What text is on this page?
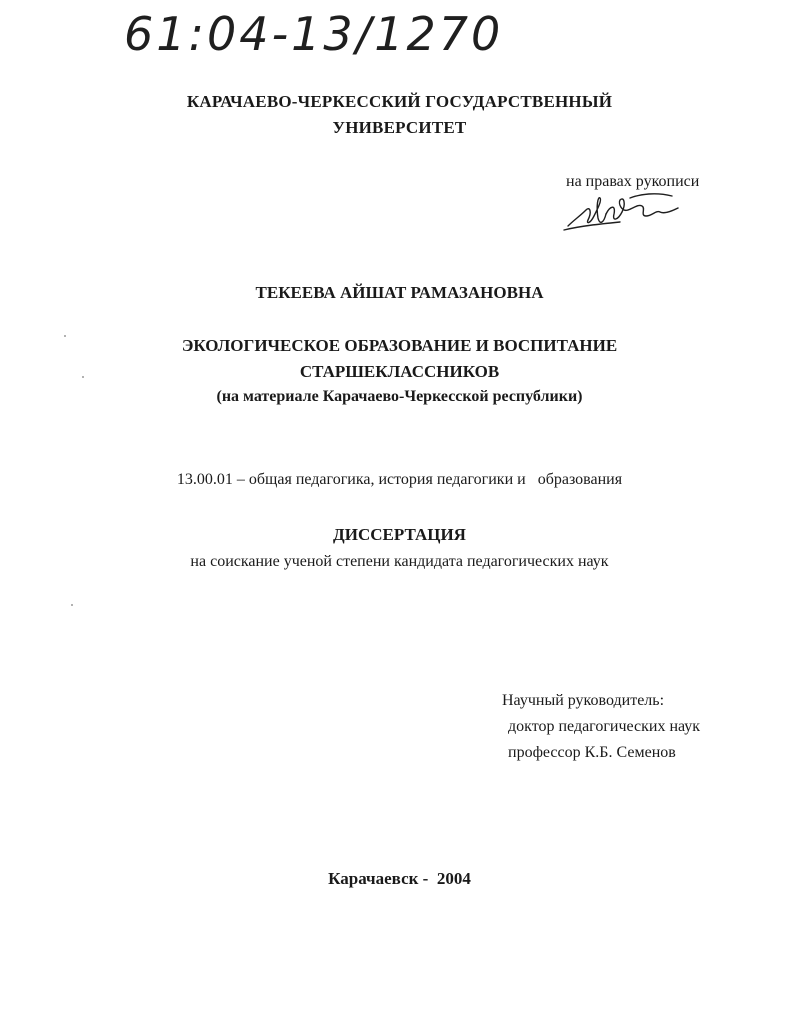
61:04-13/1270
КАРАЧАЕВО-ЧЕРКЕССКИЙ ГОСУДАРСТВЕННЫЙ
УНИВЕРСИТЕТ
на правах рукописи
ТЕКЕЕВА АЙШАТ РАМАЗАНОВНА
ЭКОЛОГИЧЕСКОЕ ОБРАЗОВАНИЕ И ВОСПИТАНИЕ
СТАРШЕКЛАССНИКОВ
(на материале Карачаево-Черкесской республики)
13.00.01 – общая педагогика, история педагогики и   образования
ДИССЕРТАЦИЯ
на соискание ученой степени кандидата педагогических наук
Научный руководитель:
доктор педагогических наук
профессор К.Б. Семенов
Карачаевск -  2004
